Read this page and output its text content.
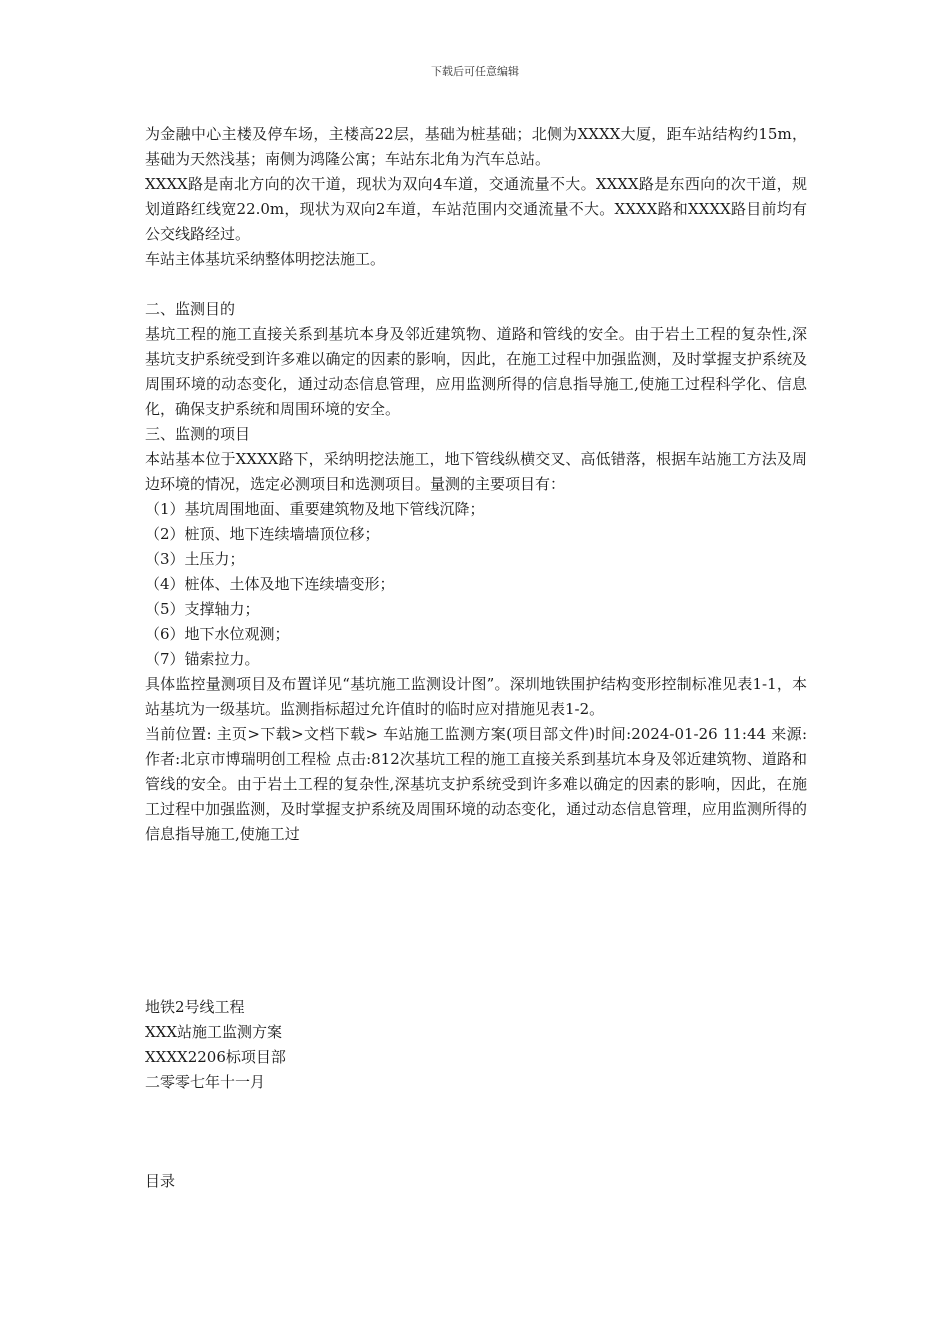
下载后可任意编辑

为金融中心主楼及停车场，主楼高22层，基础为桩基础；北侧为XXXX大厦，距车站结构约15m，基础为天然浅基；南侧为鸿隆公寓；车站东北角为汽车总站。

XXXX路是南北方向的次干道，现状为双向4车道，交通流量不大。XXXX路是东西向的次干道，规划道路红线宽22.0m，现状为双向2车道，车站范围内交通流量不大。XXXX路和XXXX路目前均有公交线路经过。

车站主体基坑采纳整体明挖法施工。

二、监测目的

基坑工程的施工直接关系到基坑本身及邻近建筑物、道路和管线的安全。由于岩土工程的复杂性,深基坑支护系统受到许多难以确定的因素的影响，因此，在施工过程中加强监测，及时掌握支护系统及周围环境的动态变化，通过动态信息管理，应用监测所得的信息指导施工,使施工过程科学化、信息化，确保支护系统和周围环境的安全。

三、监测的项目

本站基本位于XXXX路下，采纳明挖法施工，地下管线纵横交叉、高低错落，根据车站施工方法及周边环境的情况，选定必测项目和选测项目。量测的主要项目有：

（1）基坑周围地面、重要建筑物及地下管线沉降；

（2）桩顶、地下连续墙墙顶位移；

（3）土压力；

（4）桩体、土体及地下连续墙变形；

（5）支撑轴力；

（6）地下水位观测；

（7）锚索拉力。

具体监控量测项目及布置详见“基坑施工监测设计图”。深圳地铁围护结构变形控制标准见表1-1，本站基坑为一级基坑。监测指标超过允许值时的临时应对措施见表1-2。

当前位置: 主页>下载>文档下载> 车站施工监测方案(项目部文件)时间:2024-01-26 11:44 来源: 作者:北京市博瑞明创工程检 点击:812次基坑工程的施工直接关系到基坑本身及邻近建筑物、道路和管线的安全。由于岩土工程的复杂性,深基坑支护系统受到许多难以确定的因素的影响，因此，在施工过程中加强监测，及时掌握支护系统及周围环境的动态变化，通过动态信息管理，应用监测所得的信息指导施工,使施工过

地铁2号线工程

XXX站施工监测方案

XXXX2206标项目部

二零零七年十一月

目录
